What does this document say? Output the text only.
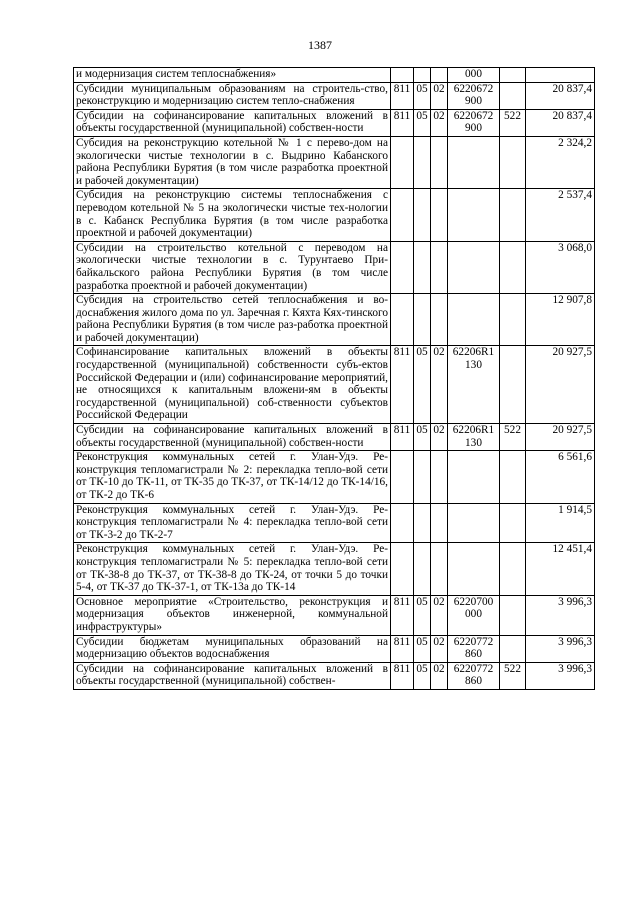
1387
и модернизация систем теплоснабжения»				000		
Субсидии муниципальным образованиям на строитель-ство, реконструкцию и модернизацию систем тепло-снабжения	811	05	02	6220672 900		20 837,4
Субсидии на софинансирование капитальных вложений в объекты государственной (муниципальной) собствен-ности	811	05	02	6220672 900	522	20 837,4
Субсидия на реконструкцию котельной № 1 с перево-дом на экологически чистые технологии в с. Выдрино Кабанского района Республики Бурятия (в том числе разработка проектной и рабочей документации)						2 324,2
Субсидия на реконструкцию системы теплоснабжения с переводом котельной № 5 на экологически чистые тех-нологии в с. Кабанск Республика Бурятия (в том числе разработка проектной и рабочей документации)						2 537,4
Субсидии на строительство котельной с переводом на экологически чистые технологии в с. Турунтаево При-байкальского района Республики Бурятия (в том числе разработка проектной и рабочей документации)						3 068,0
Субсидия на строительство сетей теплоснабжения и во-доснабжения жилого дома по ул. Заречная г. Кяхта Кях-тинского района Республики Бурятия (в том числе раз-работка проектной и рабочей документации)						12 907,8
Софинансирование капитальных вложений в объекты государственной (муниципальной) собственности субъ-ектов Российской Федерации и (или) софинансирование мероприятий, не относящихся к капитальным вложени-ям в объекты государственной (муниципальной) соб-ственности субъектов Российской Федерации	811	05	02	62206R1 130		20 927,5
Субсидии на софинансирование капитальных вложений в объекты государственной (муниципальной) собствен-ности	811	05	02	62206R1 130	522	20 927,5
Реконструкция коммунальных сетей г. Улан-Удэ. Ре-конструкция тепломагистрали № 2: перекладка тепло-вой сети от ТК-10 до ТК-11, от ТК-35 до ТК-37, от ТК-14/12 до ТК-14/16, от ТК-2 до ТК-6						6 561,6
Реконструкция коммунальных сетей г. Улан-Удэ. Ре-конструкция тепломагистрали № 4: перекладка тепло-вой сети от ТК-3-2 до ТК-2-7						1 914,5
Реконструкция коммунальных сетей г. Улан-Удэ. Ре-конструкция тепломагистрали № 5: перекладка тепло-вой сети от ТК-38-8 до ТК-37, от ТК-38-8 до ТК-24, от точки 5 до точки 5-4, от ТК-37 до ТК-37-1, от ТК-13а до ТК-14						12 451,4
Основное мероприятие «Строительство, реконструкция и модернизация объектов инженерной, коммунальной инфраструктуры»	811	05	02	6220700 000		3 996,3
Субсидии бюджетам муниципальных образований на модернизацию объектов водоснабжения	811	05	02	6220772 860		3 996,3
Субсидии на софинансирование капитальных вложений в объекты государственной (муниципальной) собствен-	811	05	02	6220772 860	522	3 996,3
